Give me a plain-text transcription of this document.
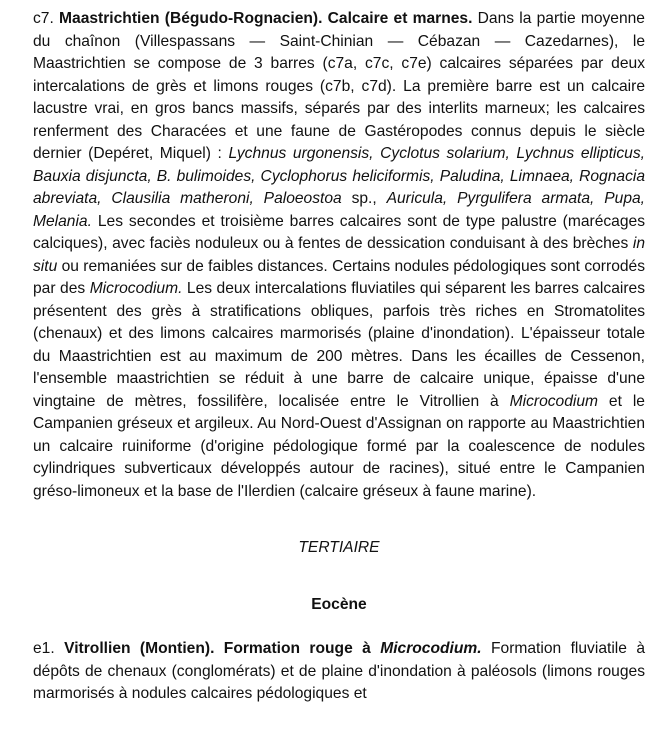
c7. Maastrichtien (Bégudo-Rognacien). Calcaire et marnes. Dans la partie moyenne du chaînon (Villespassans — Saint-Chinian — Cébazan — Cazedarnes), le Maastrichtien se compose de 3 barres (c7a, c7c, c7e) calcaires séparées par deux intercalations de grès et limons rouges (c7b, c7d). La première barre est un calcaire lacustre vrai, en gros bancs massifs, séparés par des interlits marneux; les calcaires renferment des Characées et une faune de Gastéropodes connus depuis le siècle dernier (Depéret, Miquel) : Lychnus urgonensis, Cyclotus solarium, Lychnus ellipticus, Bauxia disjuncta, B. bulimoides, Cyclophorus heliciformis, Paludina, Limnaea, Rognacia abreviata, Clausilia matheroni, Paloeostoa sp., Auricula, Pyrgulifera armata, Pupa, Melania. Les secondes et troisième barres calcaires sont de type palustre (marécages calciques), avec faciès noduleux ou à fentes de dessication conduisant à des brèches in situ ou remaniées sur de faibles distances. Certains nodules pédologiques sont corrodés par des Microcodium. Les deux intercalations fluviatiles qui séparent les barres calcaires présentent des grès à stratifications obliques, parfois très riches en Stromatolites (chenaux) et des limons calcaires marmorisés (plaine d'inondation). L'épaisseur totale du Maastrichtien est au maximum de 200 mètres. Dans les écailles de Cessenon, l'ensemble maastrichtien se réduit à une barre de calcaire unique, épaisse d'une vingtaine de mètres, fossilifère, localisée entre le Vitrollien à Microcodium et le Campanien gréseux et argileux. Au Nord-Ouest d'Assignan on rapporte au Maastrichtien un calcaire ruiniforme (d'origine pédologique formé par la coalescence de nodules cylindriques subverticaux développés autour de racines), situé entre le Campanien gréso-limoneux et la base de l'Ilerdien (calcaire gréseux à faune marine).

TERTIAIRE

Eocène

e1. Vitrollien (Montien). Formation rouge à Microcodium. Formation fluviatile à dépôts de chenaux (conglomérats) et de plaine d'inondation à paléosols (limons rouges marmorisés à nodules calcaires pédologiques et
